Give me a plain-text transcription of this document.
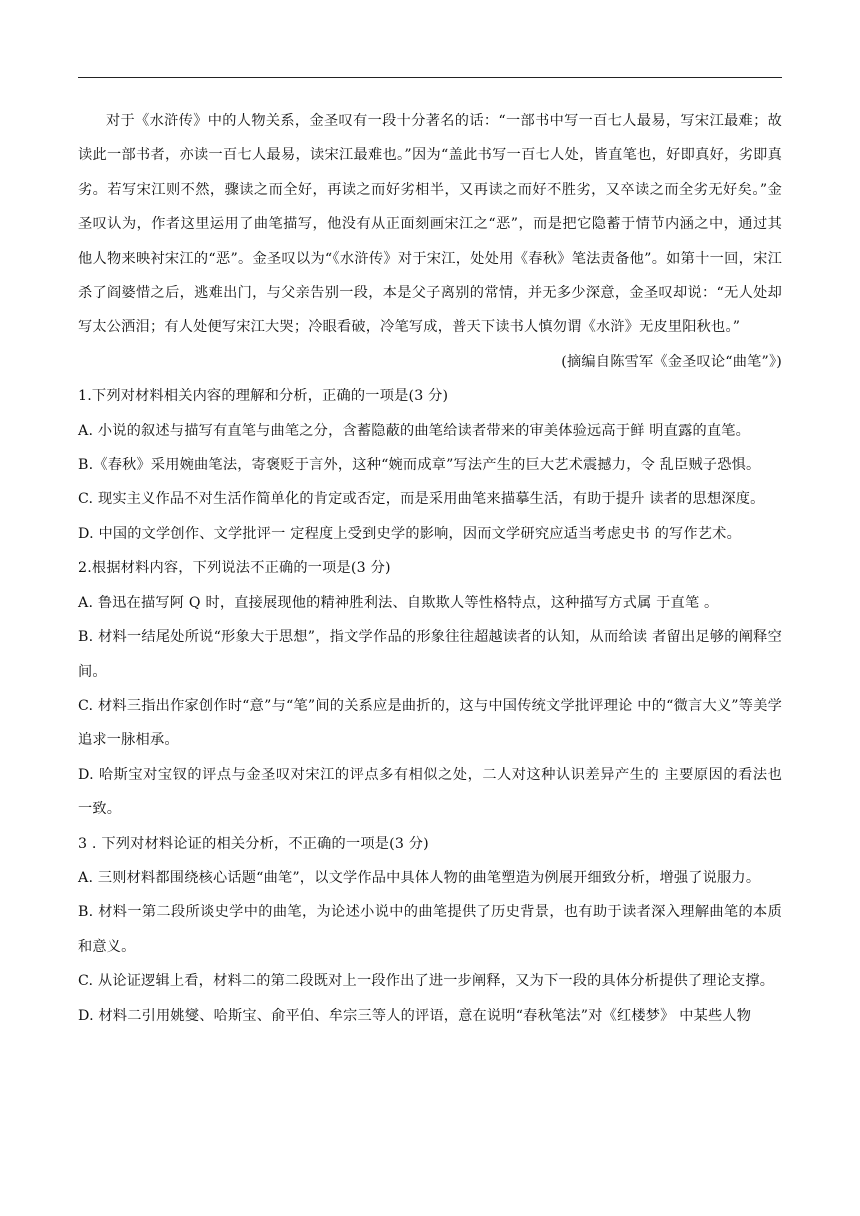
对于《水浒传》中的人物关系，金圣叹有一段十分著名的话：“一部书中写一百七人最易，写宋江最难；故读此一部书者，亦读一百七人最易，读宋江最难也。”因为“盖此书写一百七人处，皆直笔也，好即真好，劣即真劣。若写宋江则不然，骤读之而全好，再读之而好劣相半，又再读之而好不胜劣，又卒读之而全劣无好矣。”金圣叹认为，作者这里运用了曲笔描写，他没有从正面刻画宋江之“恶”，而是把它隐蓄于情节内涵之中，通过其他人物来映衬宋江的“恶”。金圣叹以为“《水浒传》对于宋江，处处用《春秋》笔法责备他”。如第十一回，宋江杀了阎婆惜之后，逃难出门，与父亲告别一段，本是父子离别的常情，并无多少深意，金圣叹却说：“无人处却写太公洒泪；有人处便写宋江大哭；冷眼看破，冷笔写成，普天下读书人慎勿谓《水浒》无皮里阳秋也。”

(摘编自陈雪军《金圣叹论“曲笔”》)

1.下列对材料相关内容的理解和分析，正确的一项是(3 分)

A. 小说的叙述与描写有直笔与曲笔之分，含蓄隐蔽的曲笔给读者带来的审美体验远高于鲜 明直露的直笔。

B.《春秋》采用婉曲笔法，寄褒贬于言外，这种“婉而成章”写法产生的巨大艺术震撼力，令 乱臣贼子恐惧。

C. 现实主义作品不对生活作简单化的肯定或否定，而是采用曲笔来描摹生活，有助于提升 读者的思想深度。

D. 中国的文学创作、文学批评一 定程度上受到史学的影响，因而文学研究应适当考虑史书 的写作艺术。

2.根据材料内容，下列说法不正确的一项是(3 分)

A. 鲁迅在描写阿 Q 时，直接展现他的精神胜利法、自欺欺人等性格特点，这种描写方式属 于直笔 。

B. 材料一结尾处所说“形象大于思想”，指文学作品的形象往往超越读者的认知，从而给读 者留出足够的阐释空间。

C. 材料三指出作家创作时“意”与“笔”间的关系应是曲折的，这与中国传统文学批评理论 中的“微言大义”等美学追求一脉相承。

D. 哈斯宝对宝钗的评点与金圣叹对宋江的评点多有相似之处，二人对这种认识差异产生的 主要原因的看法也 一致。

3 . 下列对材料论证的相关分析，不正确的一项是(3 分)

A. 三则材料都围绕核心话题“曲笔”，以文学作品中具体人物的曲笔塑造为例展开细致分析，增强了说服力。

B. 材料一第二段所谈史学中的曲笔，为论述小说中的曲笔提供了历史背景，也有助于读者深入理解曲笔的本质和意义。

C. 从论证逻辑上看，材料二的第二段既对上一段作出了进一步阐释，又为下一段的具体分析提供了理论支撑。

D. 材料二引用姚燮、哈斯宝、俞平伯、牟宗三等人的评语，意在说明“春秋笔法”对《红楼梦》 中某些人物
